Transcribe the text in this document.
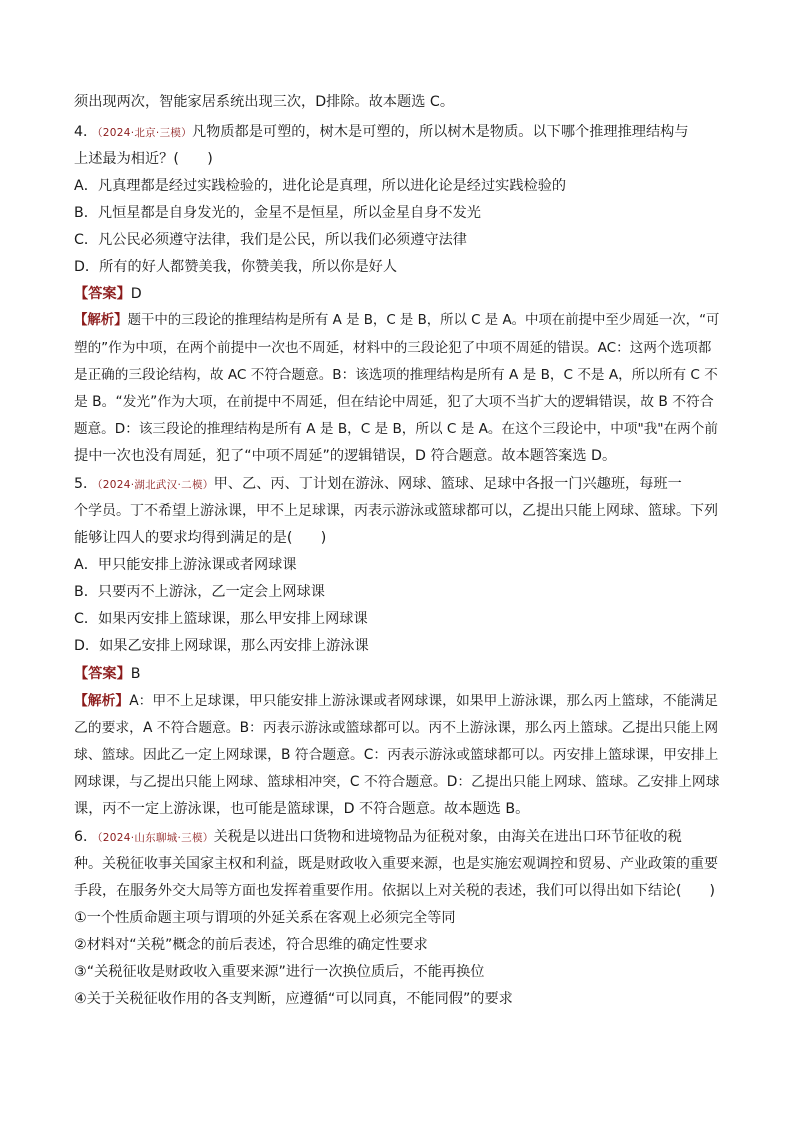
须出现两次，智能家居系统出现三次，D排除。故本题选 C。
4．（2024·北京·三模）凡物质都是可塑的，树木是可塑的，所以树木是物质。以下哪个推理推理结构与
上述最为相近？(　　)
A．凡真理都是经过实践检验的，进化论是真理，所以进化论是经过实践检验的
B．凡恒星都是自身发光的，金星不是恒星，所以金星自身不发光
C．凡公民必须遵守法律，我们是公民，所以我们必须遵守法律
D．所有的好人都赞美我，你赞美我，所以你是好人
【答案】D
【解析】题干中的三段论的推理结构是所有 A 是 B，C 是 B，所以 C 是 A。中项在前提中至少周延一次，“可
塑的”作为中项，在两个前提中一次也不周延，材料中的三段论犯了中项不周延的错误。AC：这两个选项都
是正确的三段论结构，故 AC 不符合题意。B：该选项的推理结构是所有 A 是 B，C 不是 A，所以所有 C 不
是 B。“发光”作为大项，在前提中不周延，但在结论中周延，犯了大项不当扩大的逻辑错误，故 B 不符合
题意。D：该三段论的推理结构是所有 A 是 B，C 是 B，所以 C 是 A。在这个三段论中，中项"我"在两个前
提中一次也没有周延，犯了“中项不周延”的逻辑错误，D 符合题意。故本题答案选 D。
5．（2024·湖北武汉·二模）甲、乙、丙、丁计划在游泳、网球、篮球、足球中各报一门兴趣班，每班一
个学员。丁不希望上游泳课，甲不上足球课，丙表示游泳或篮球都可以，乙提出只能上网球、篮球。下列
能够让四人的要求均得到满足的是(　　)
A．甲只能安排上游泳课或者网球课
B．只要丙不上游泳，乙一定会上网球课
C．如果丙安排上篮球课，那么甲安排上网球课
D．如果乙安排上网球课，那么丙安排上游泳课
【答案】B
【解析】A：甲不上足球课，甲只能安排上游泳课或者网球课，如果甲上游泳课，那么丙上篮球，不能满足
乙的要求，A 不符合题意。B：丙表示游泳或篮球都可以。丙不上游泳课，那么丙上篮球。乙提出只能上网
球、篮球。因此乙一定上网球课，B 符合题意。C：丙表示游泳或篮球都可以。丙安排上篮球课，甲安排上
网球课，与乙提出只能上网球、篮球相冲突，C 不符合题意。D：乙提出只能上网球、篮球。乙安排上网球
课，丙不一定上游泳课，也可能是篮球课，D 不符合题意。故本题选 B。
6．（2024·山东聊城·三模）关税是以进出口货物和进境物品为征税对象，由海关在进出口环节征收的税
种。关税征收事关国家主权和利益，既是财政收入重要来源，也是实施宏观调控和贸易、产业政策的重要
手段，在服务外交大局等方面也发挥着重要作用。依据以上对关税的表述，我们可以得出如下结论(　　)
①一个性质命题主项与谓项的外延关系在客观上必须完全等同
②材料对“关税”概念的前后表述，符合思维的确定性要求
③“关税征收是财政收入重要来源”进行一次换位质后，不能再换位
④关于关税征收作用的各支判断，应遵循“可以同真，不能同假”的要求
